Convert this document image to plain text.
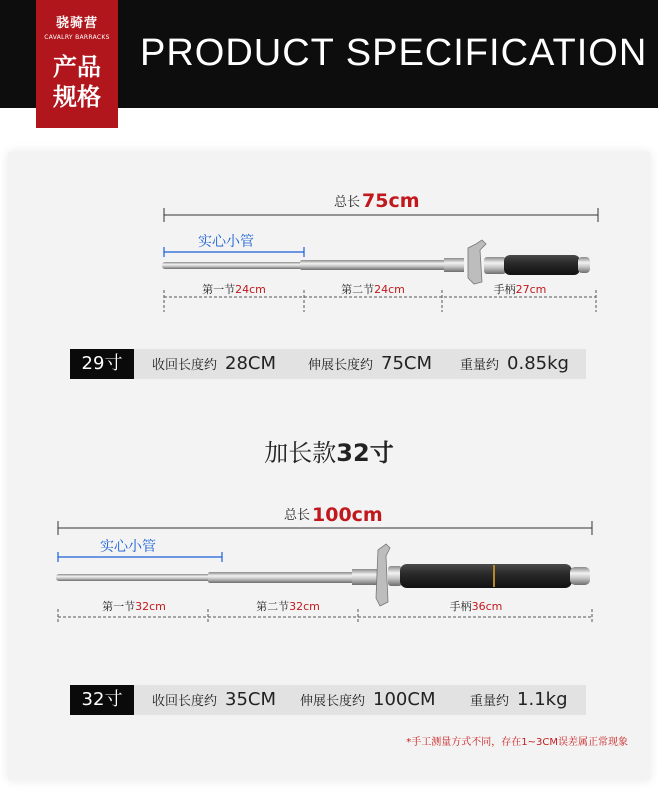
PRODUCT SPECIFICATION
骁骑营
CAVALRY BARRACKS
产品
规格
总长 75cm
实心小管
第一节24cm	第二节24cm	手柄27cm
总长 100cm
实心小管
第一节32cm	第二节32cm	手柄36cm
29寸	收回长度约 28CM 伸展长度约 75CM 重量约 0.85kg
加长款32寸
32寸	收回长度约 35CM 伸展长度约 100CM	重量约 1.1kg
*手工测量方式不同，存在1~3CM误差属正常现象
